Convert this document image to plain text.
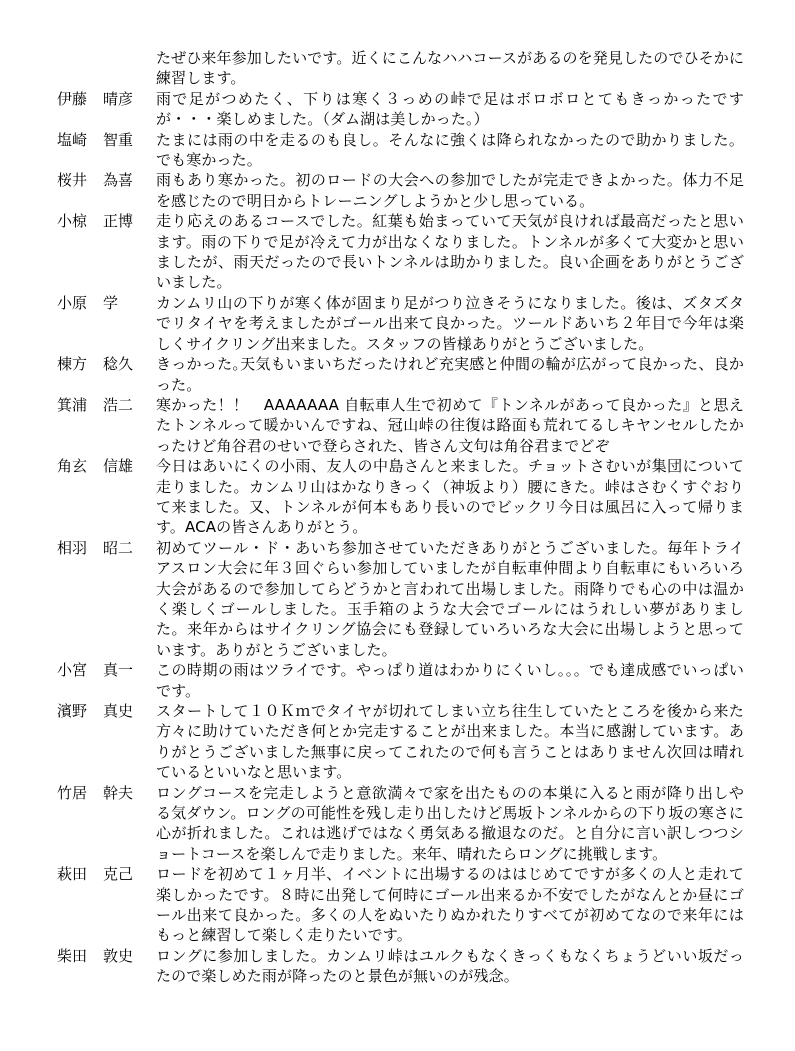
たぜひ来年参加したいです。近くにこんなハハコースがあるのを発見したのでひそかに練習します。
伊藤 晴彦	雨で足がつめたく、下りは寒く３っめの峠で足はボロボロとてもきっかったですが・・・楽しめました。（ダム湖は美しかった。）
塩崎 智重	たまには雨の中を走るのも良し。そんなに強くは降られなかったので助かりました。でも寒かった。
桜井 為喜	雨もあり寒かった。初のロードの大会への参加でしたが完走できよかった。体力不足を感じたので明日からトレーニングしようかと少し思っている。
小椋 正博	走り応えのあるコースでした。紅葉も始まっていて天気が良ければ最高だったと思います。雨の下りで足が冷えて力が出なくなりました。トンネルが多くて大変かと思いましたが、雨天だったので長いトンネルは助かりました。良い企画をありがとうございました。
小原 学	カンムリ山の下りが寒く体が固まり足がつり泣きそうになりました。後は、ズタズタでリタイヤを考えましたがゴール出来て良かった。ツールドあいち２年目で今年は楽しくサイクリング出来ました。スタッフの皆様ありがとうございました。
棟方 稔久	きっかった｡天気もいまいちだったけれど充実感と仲間の輪が広がって良かった、良かった。
箕浦 浩二	寒かった！！　AAAAAAA 自転車人生で初めて『トンネルがあって良かった』と思えたトンネルって暖かいんですね、冠山峠の往復は路面も荒れてるしキヤンセルしたかったけど角谷君のせいで登らされた、皆さん文句は角谷君までどぞ
角玄 信雄	今日はあいにくの小雨、友人の中島さんと来ました。チョットさむいが集団について走りました。カンムリ山はかなりきっく（神坂より）腰にきた。峠はさむくすぐおりて来ました。又、トンネルが何本もあり長いのでビックリ今日は風呂に入って帰ります。ACAの皆さんありがとう。
相羽 昭二	初めてツール・ド・あいち参加させていただきありがとうございました。毎年トライアスロン大会に年３回ぐらい参加していましたが自転車仲間より自転車にもいろいろ大会があるので参加してらどうかと言われて出場しました。雨降りでも心の中は温かく楽しくゴールしました。玉手箱のような大会でゴールにはうれしい夢がありました。来年からはサイクリング協会にも登録していろいろな大会に出場しようと思っています。ありがとうございました。
小宮 真一	この時期の雨はツライです。やっぱり道はわかりにくいし。。。でも達成感でいっぱいです。
濱野 真史	スタートして１０Ｋｍでタイヤが切れてしまい立ち往生していたところを後から来た方々に助けていただき何とか完走することが出来ました。本当に感謝しています。ありがとうございました無事に戻ってこれたので何も言うことはありません次回は晴れているといいなと思います。
竹居 幹夫	ロングコースを完走しようと意欲満々で家を出たものの本巣に入ると雨が降り出しやる気ダウン。ロングの可能性を残し走り出したけど馬坂トンネルからの下り坂の寒さに心が折れました。これは逃げではなく勇気ある撤退なのだ。と自分に言い訳しつつショートコースを楽しんで走りました。来年、晴れたらロングに挑戦します。
萩田 克己	ロードを初めて１ヶ月半、イベントに出場するのははじめてですが多くの人と走れて楽しかったです。８時に出発して何時にゴール出来るか不安でしたがなんとか昼にゴール出来て良かった。多くの人をぬいたりぬかれたりすべてが初めてなので来年にはもっと練習して楽しく走りたいです。
柴田 敦史	ロングに参加しました。カンムリ峠はユルクもなくきっくもなくちょうどいい坂だったので楽しめた雨が降ったのと景色が無いのが残念。
